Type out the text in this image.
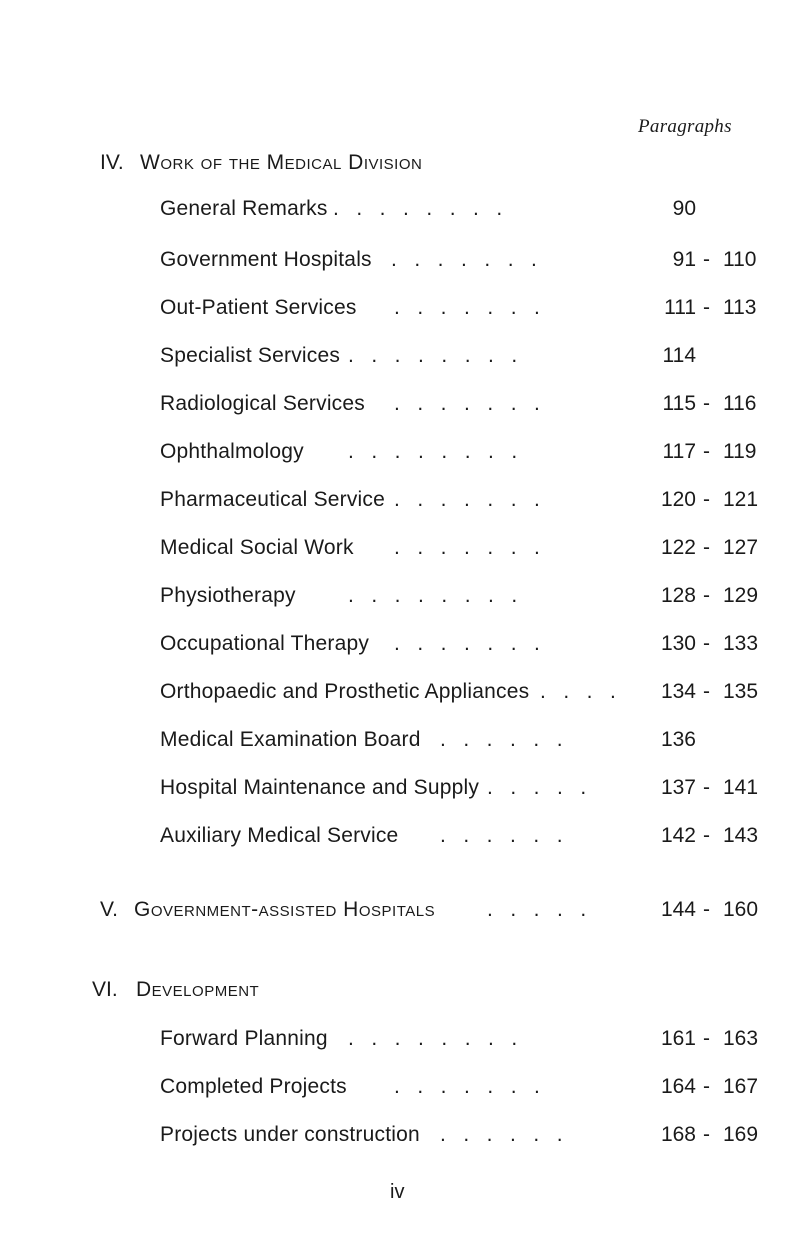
Paragraphs
IV. Work of the Medical Division
General Remarks .   .   .   .   .   .   .   .	90
Government Hospitals .   .   .   .   .   .   .	91 - 110
Out-Patient Services .   .   .   .   .   .   .	111 - 113
Specialist Services .   .   .   .   .   .   .   .	114
Radiological Services .   .   .   .   .   .   .	115 - 116
Ophthalmology .   .   .   .   .   .   .   .	117 - 119
Pharmaceutical Service .   .   .   .   .   .   .	120 - 121
Medical Social Work .   .   .   .   .   .   .	122 - 127
Physiotherapy .   .   .   .   .   .   .   .	128 - 129
Occupational Therapy .   .   .   .   .   .   .	130 - 133
Orthopaedic and Prosthetic Appliances .   .   .   .	134 - 135
Medical Examination Board .   .   .   .   .   .	136
Hospital Maintenance and Supply .   .   .   .   .	137 - 141
Auxiliary Medical Service .   .   .   .   .   .	142 - 143
V. Government-assisted Hospitals .   .   .   .   .	144 - 160
VI. Development
Forward Planning .   .   .   .   .   .   .   .	161 - 163
Completed Projects .   .   .   .   .   .   .	164 - 167
Projects under construction .   .   .   .   .   .	168 - 169
iv
